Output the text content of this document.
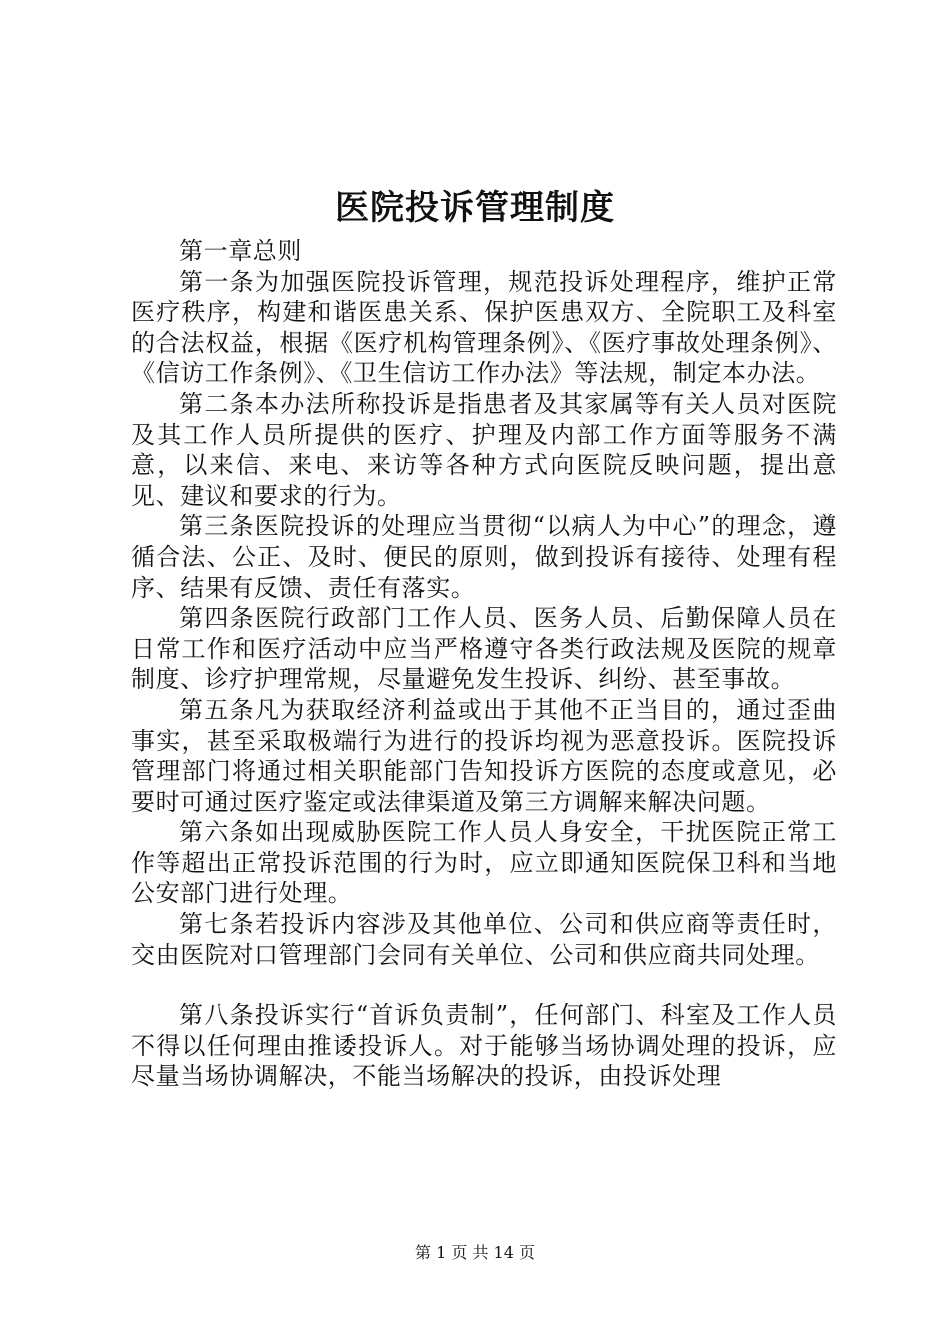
医院投诉管理制度

第一章总则

第一条为加强医院投诉管理，规范投诉处理程序，维护正常医疗秩序，构建和谐医患关系、保护医患双方、全院职工及科室的合法权益，根据《医疗机构管理条例》、《医疗事故处理条例》、《信访工作条例》、《卫生信访工作办法》等法规，制定本办法。

第二条本办法所称投诉是指患者及其家属等有关人员对医院及其工作人员所提供的医疗、护理及内部工作方面等服务不满意，以来信、来电、来访等各种方式向医院反映问题，提出意见、建议和要求的行为。

第三条医院投诉的处理应当贯彻“以病人为中心”的理念，遵循合法、公正、及时、便民的原则，做到投诉有接待、处理有程序、结果有反馈、责任有落实。

第四条医院行政部门工作人员、医务人员、后勤保障人员在日常工作和医疗活动中应当严格遵守各类行政法规及医院的规章制度、诊疗护理常规，尽量避免发生投诉、纠纷、甚至事故。

第五条凡为获取经济利益或出于其他不正当目的，通过歪曲事实，甚至采取极端行为进行的投诉均视为恶意投诉。医院投诉管理部门将通过相关职能部门告知投诉方医院的态度或意见，必要时可通过医疗鉴定或法律渠道及第三方调解来解决问题。

第六条如出现威胁医院工作人员人身安全，干扰医院正常工作等超出正常投诉范围的行为时，应立即通知医院保卫科和当地公安部门进行处理。

第七条若投诉内容涉及其他单位、公司和供应商等责任时，交由医院对口管理部门会同有关单位、公司和供应商共同处理。

第八条投诉实行“首诉负责制”，任何部门、科室及工作人员不得以任何理由推诿投诉人。对于能够当场协调处理的投诉，应尽量当场协调解决，不能当场解决的投诉，由投诉处理

第 1 页 共 14 页
